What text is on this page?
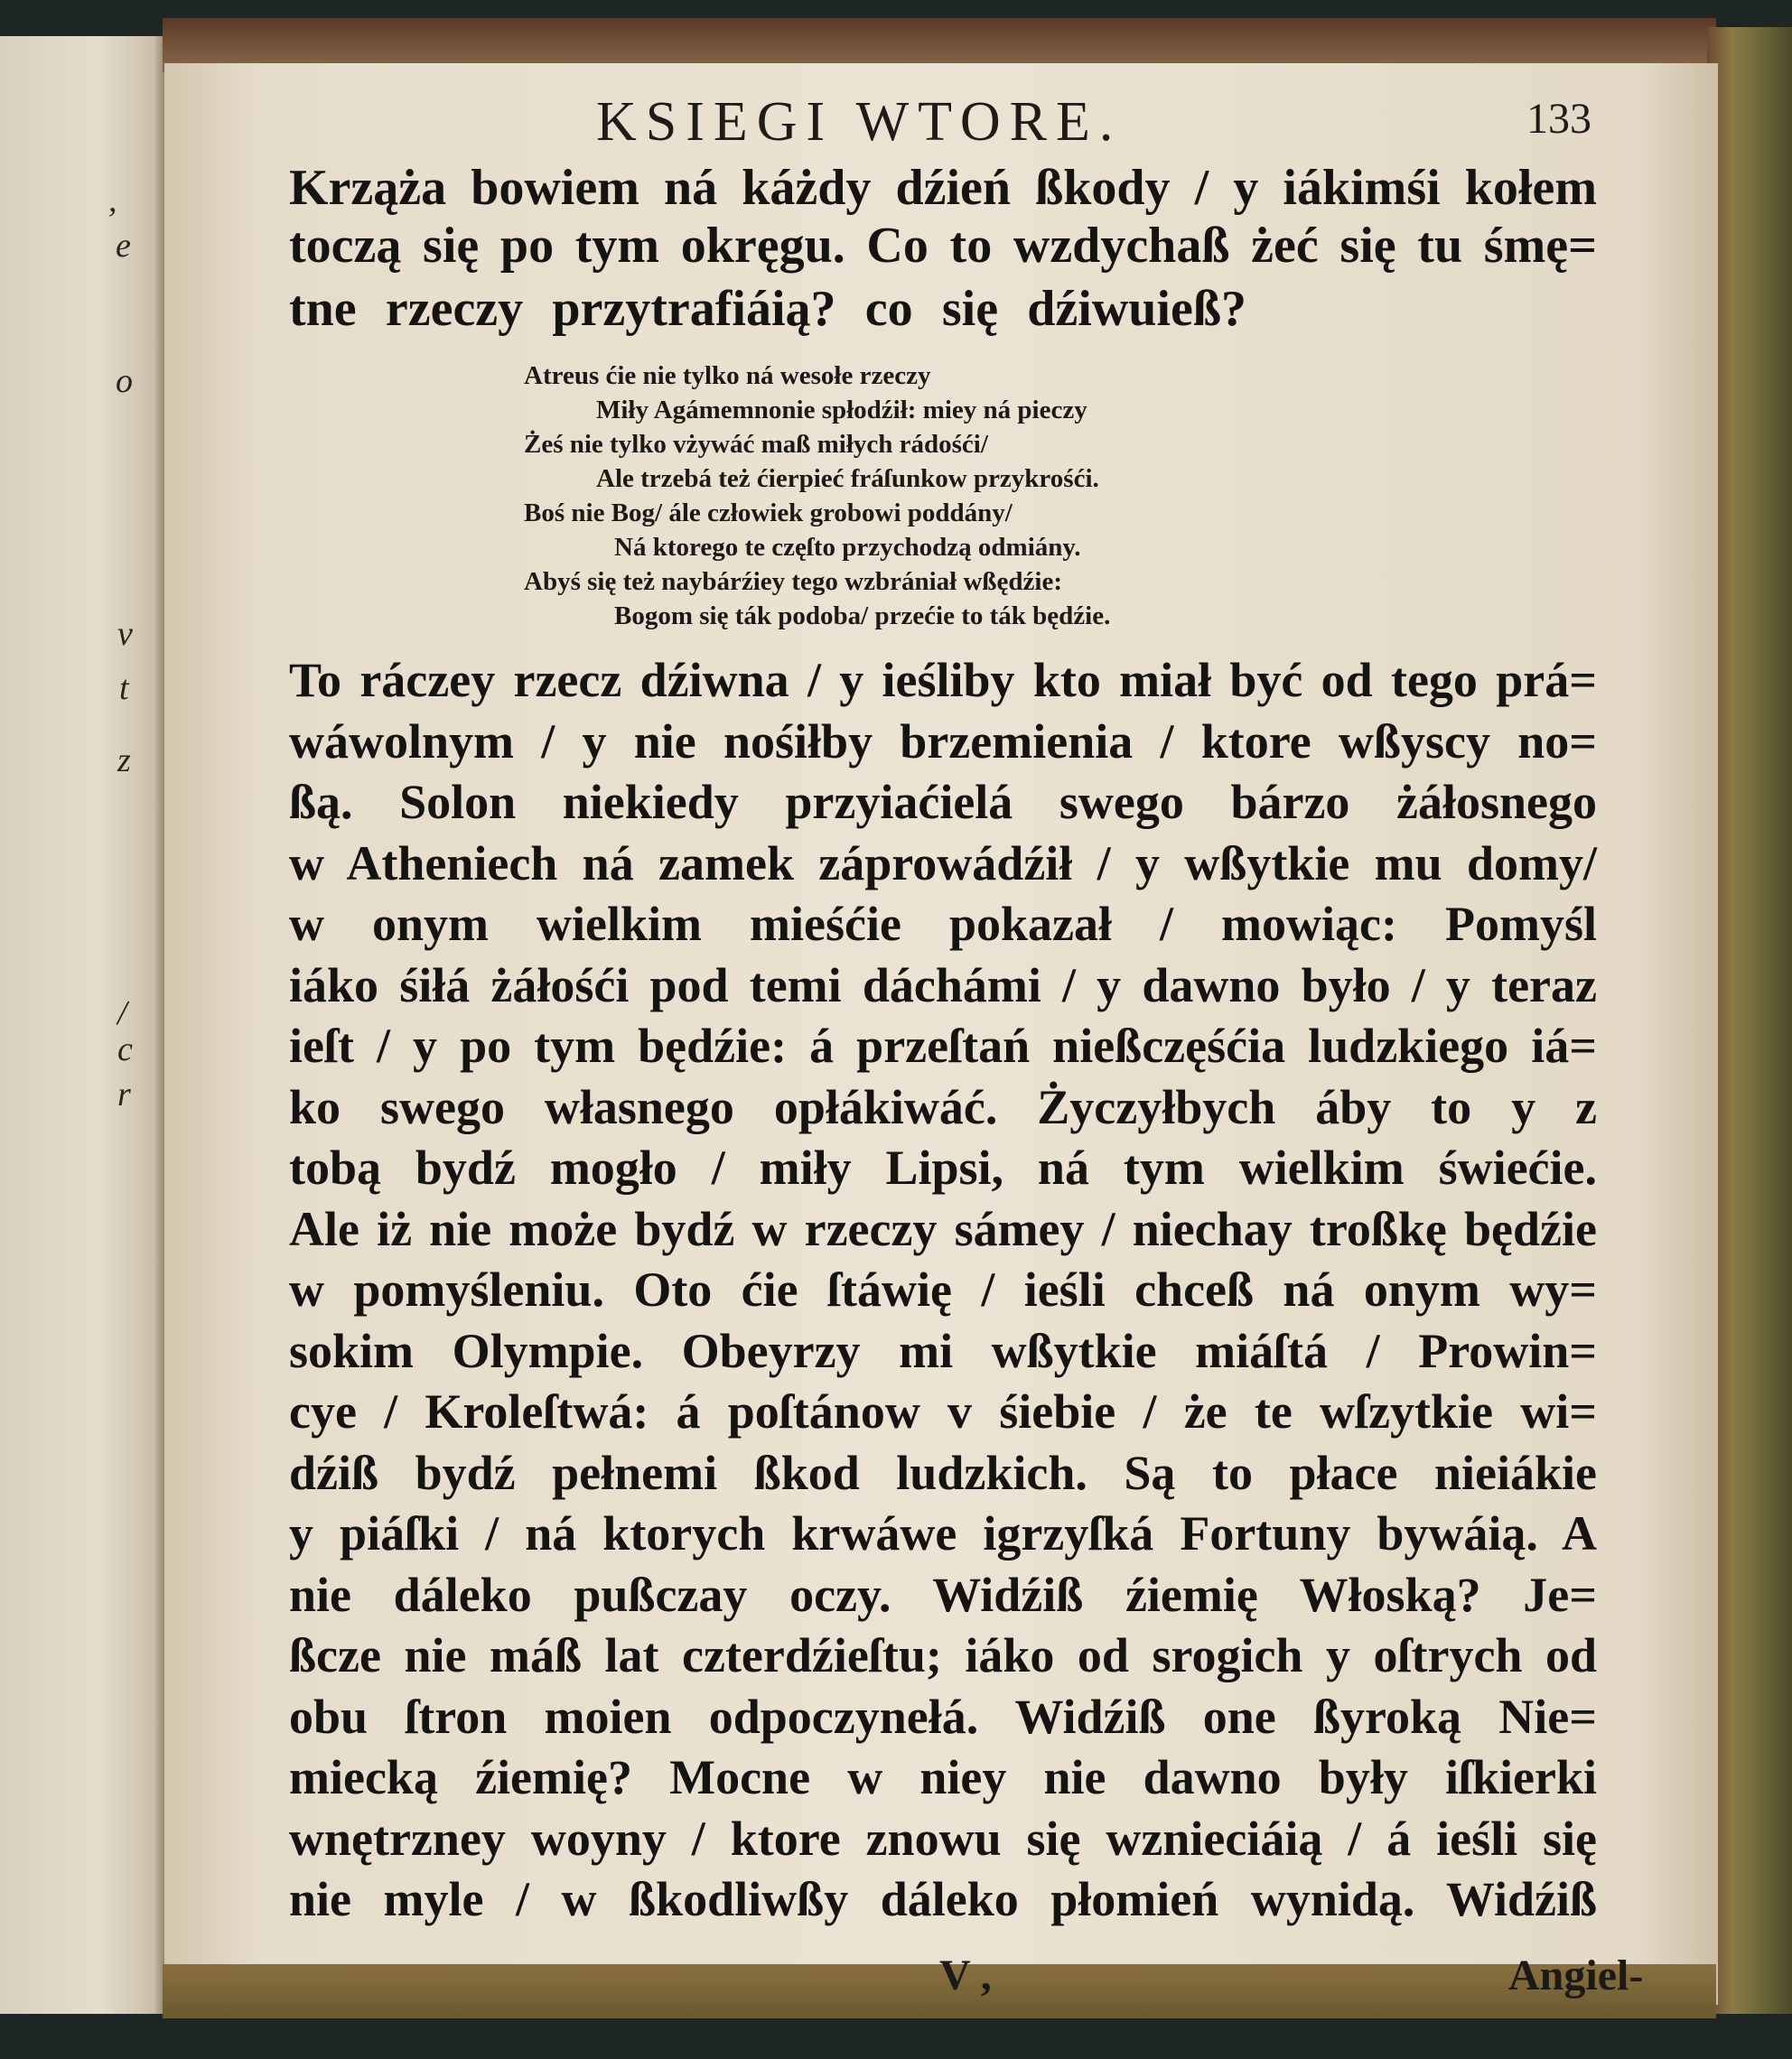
,
e
o
v
t
/
c
r
z
KSIEGI WTORE.	133
Krząża bowiem ná káżdy dźień ßkody / y iákimśi kołem
toczą się po tym okręgu. Co to wzdychaß żeć się tu śmę=
tne rzeczy przytrafiáią? co się dźiwuieß?
Atreus ćie nie tylko ná wesołe rzeczy
Miły Agámemnonie spłodźił: miey ná pieczy
Żeś nie tylko vżywáć maß miłych rádośći/
Ale trzebá też ćierpieć fráſunkow przykrośći.
Boś nie Bog/ ále człowiek grobowi poddány/
Ná ktorego te częſto przychodzą odmiány.
Abyś się też naybárźiey tego wzbrániał wßędźie:
Bogom się ták podoba/ przećie to ták będźie.
To ráczey rzecz dźiwna / y ieśliby kto miał być od tego prá=
wáwolnym / y nie nośiłby brzemienia / ktore wßyscy no=
ßą. Solon niekiedy przyiaćielá swego bárzo żáłosnego
w Atheniech ná zamek záprowádźił / y wßytkie mu domy/
w onym wielkim mieśćie pokazał / mowiąc: Pomyśl
iáko śiłá żáłośći pod temi dáchámi / y dawno było / y teraz
ieſt / y po tym będźie: á przeſtań nießczęśćia ludzkiego iá=
ko swego własnego opłákiwáć. Życzyłbych áby to y z
tobą bydź mogło / miły Lipsi, ná tym wielkim świećie.
Ale iż nie może bydź w rzeczy sámey / niechay troßkę będźie
w pomyśleniu. Oto ćie ſtáwię / ieśli chceß ná onym wy=
sokim Olympie. Obeyrzy mi wßytkie miáſtá / Prowin=
cye / Kroleſtwá: á poſtánow v śiebie / że te wſzytkie wi=
dźiß bydź pełnemi ßkod ludzkich. Są to płace nieiákie
y piáſki / ná ktorych krwáwe igrzyſká Fortuny bywáią. A
nie dáleko pußczay oczy. Widźiß źiemię Włoską? Je=
ßcze nie máß lat czterdźieſtu; iáko od srogich y oſtrych od
obu ſtron moien odpoczynełá. Widźiß one ßyroką Nie=
miecką źiemię? Mocne w niey nie dawno były iſkierki
wnętrzney woyny / ktore znowu się wznieciáią / á ieśli się
nie myle / w ßkodliwßy dáleko płomień wynidą. Widźiß
V ,	Angiel-
